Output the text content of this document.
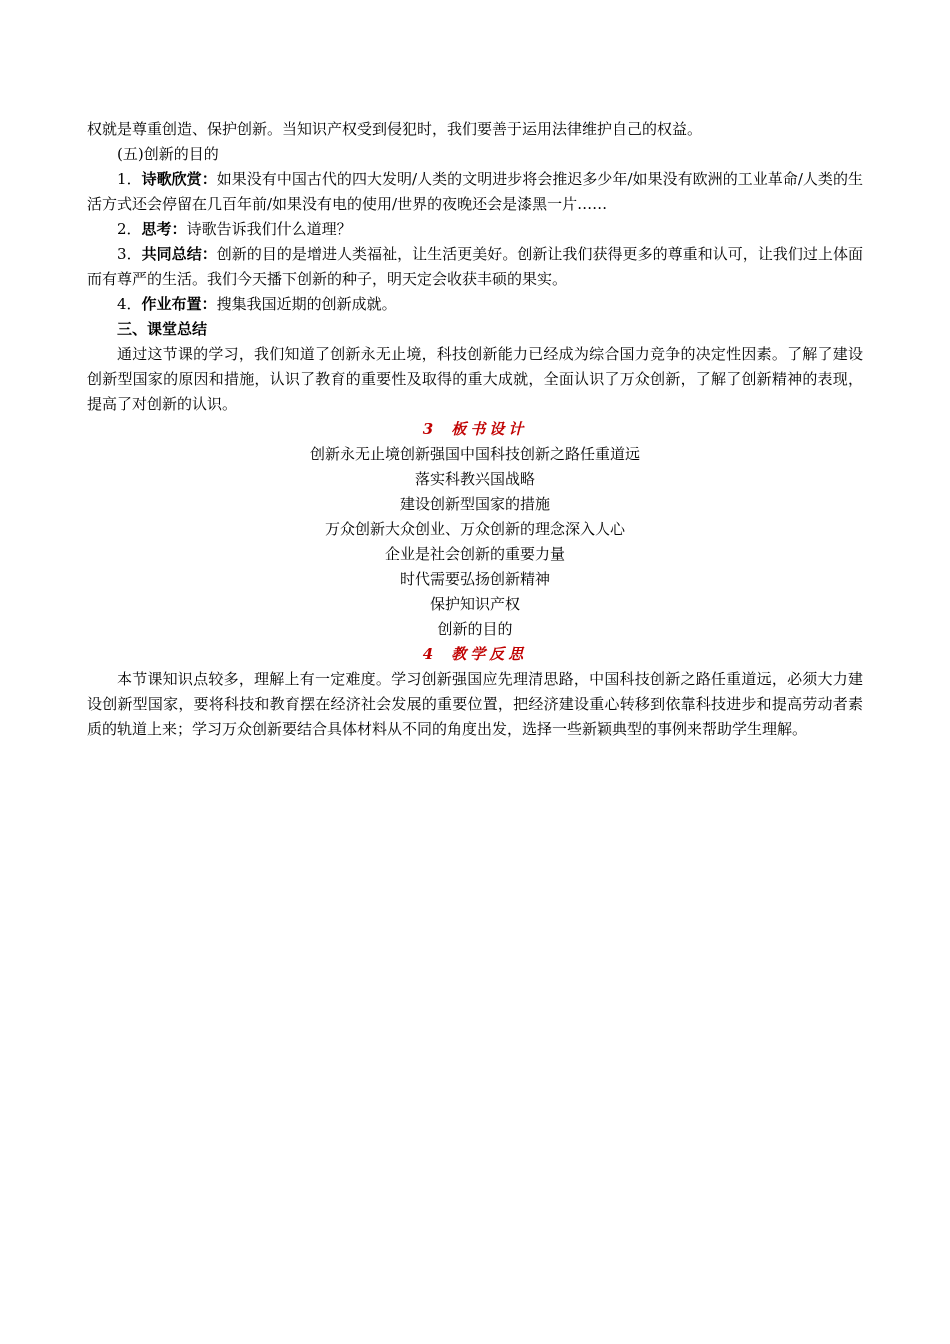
权就是尊重创造、保护创新。当知识产权受到侵犯时，我们要善于运用法律维护自己的权益。

(五)创新的目的

1．诗歌欣赏：如果没有中国古代的四大发明/人类的文明进步将会推迟多少年/如果没有欧洲的工业革命/人类的生活方式还会停留在几百年前/如果没有电的使用/世界的夜晚还会是漆黑一片……

2．思考：诗歌告诉我们什么道理？

3．共同总结：创新的目的是增进人类福祉，让生活更美好。创新让我们获得更多的尊重和认可，让我们过上体面而有尊严的生活。我们今天播下创新的种子，明天定会收获丰硕的果实。

4．作业布置：搜集我国近期的创新成就。

三、课堂总结

通过这节课的学习，我们知道了创新永无止境，科技创新能力已经成为综合国力竞争的决定性因素。了解了建设创新型国家的原因和措施，认识了教育的重要性及取得的重大成就，全面认识了万众创新，了解了创新精神的表现，提高了对创新的认识。

3 板书设计

创新永无止境创新强国中国科技创新之路任重道远

落实科教兴国战略

建设创新型国家的措施

万众创新大众创业、万众创新的理念深入人心

企业是社会创新的重要力量

时代需要弘扬创新精神

保护知识产权

创新的目的

4 教学反思

本节课知识点较多，理解上有一定难度。学习创新强国应先理清思路，中国科技创新之路任重道远，必须大力建设创新型国家，要将科技和教育摆在经济社会发展的重要位置，把经济建设重心转移到依靠科技进步和提高劳动者素质的轨道上来；学习万众创新要结合具体材料从不同的角度出发，选择一些新颖典型的事例来帮助学生理解。
